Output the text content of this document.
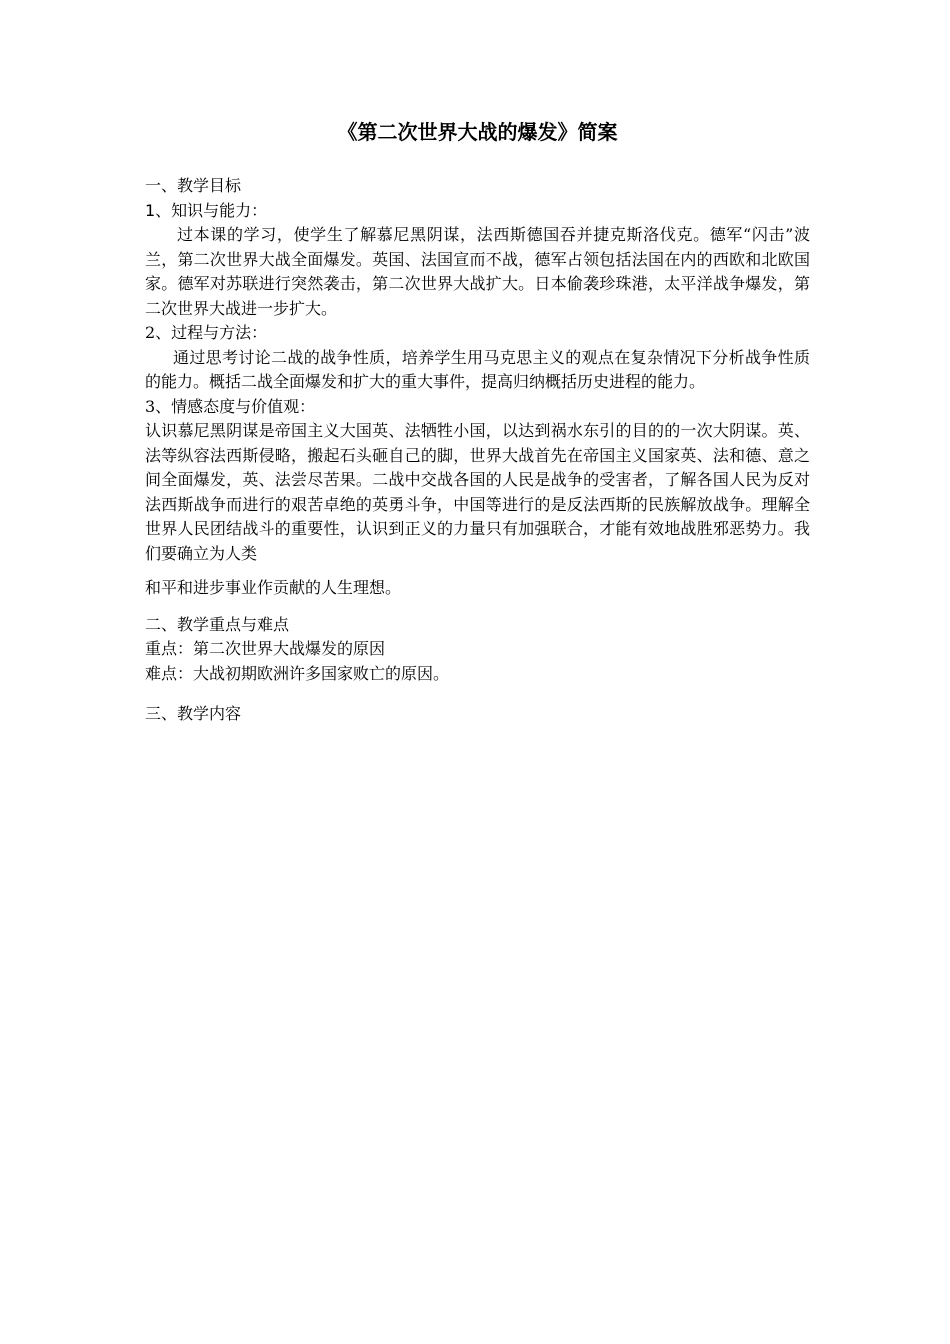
《第二次世界大战的爆发》简案

一、教学目标

1、知识与能力：

过本课的学习，使学生了解慕尼黑阴谋，法西斯德国吞并捷克斯洛伐克。德军“闪击”波兰，第二次世界大战全面爆发。英国、法国宣而不战，德军占领包括法国在内的西欧和北欧国家。德军对苏联进行突然袭击，第二次世界大战扩大。日本偷袭珍珠港，太平洋战争爆发，第二次世界大战进一步扩大。

2、过程与方法：

通过思考讨论二战的战争性质，培养学生用马克思主义的观点在复杂情况下分析战争性质的能力。概括二战全面爆发和扩大的重大事件，提高归纳概括历史进程的能力。

3、情感态度与价值观：

认识慕尼黑阴谋是帝国主义大国英、法牺牲小国，以达到祸水东引的目的的一次大阴谋。英、法等纵容法西斯侵略，搬起石头砸自己的脚，世界大战首先在帝国主义国家英、法和德、意之间全面爆发，英、法尝尽苦果。二战中交战各国的人民是战争的受害者，了解各国人民为反对法西斯战争而进行的艰苦卓绝的英勇斗争，中国等进行的是反法西斯的民族解放战争。理解全世界人民团结战斗的重要性，认识到正义的力量只有加强联合，才能有效地战胜邪恶势力。我们要确立为人类

和平和进步事业作贡献的人生理想。

二、教学重点与难点

重点：第二次世界大战爆发的原因

难点：大战初期欧洲许多国家败亡的原因。

三、教学内容
